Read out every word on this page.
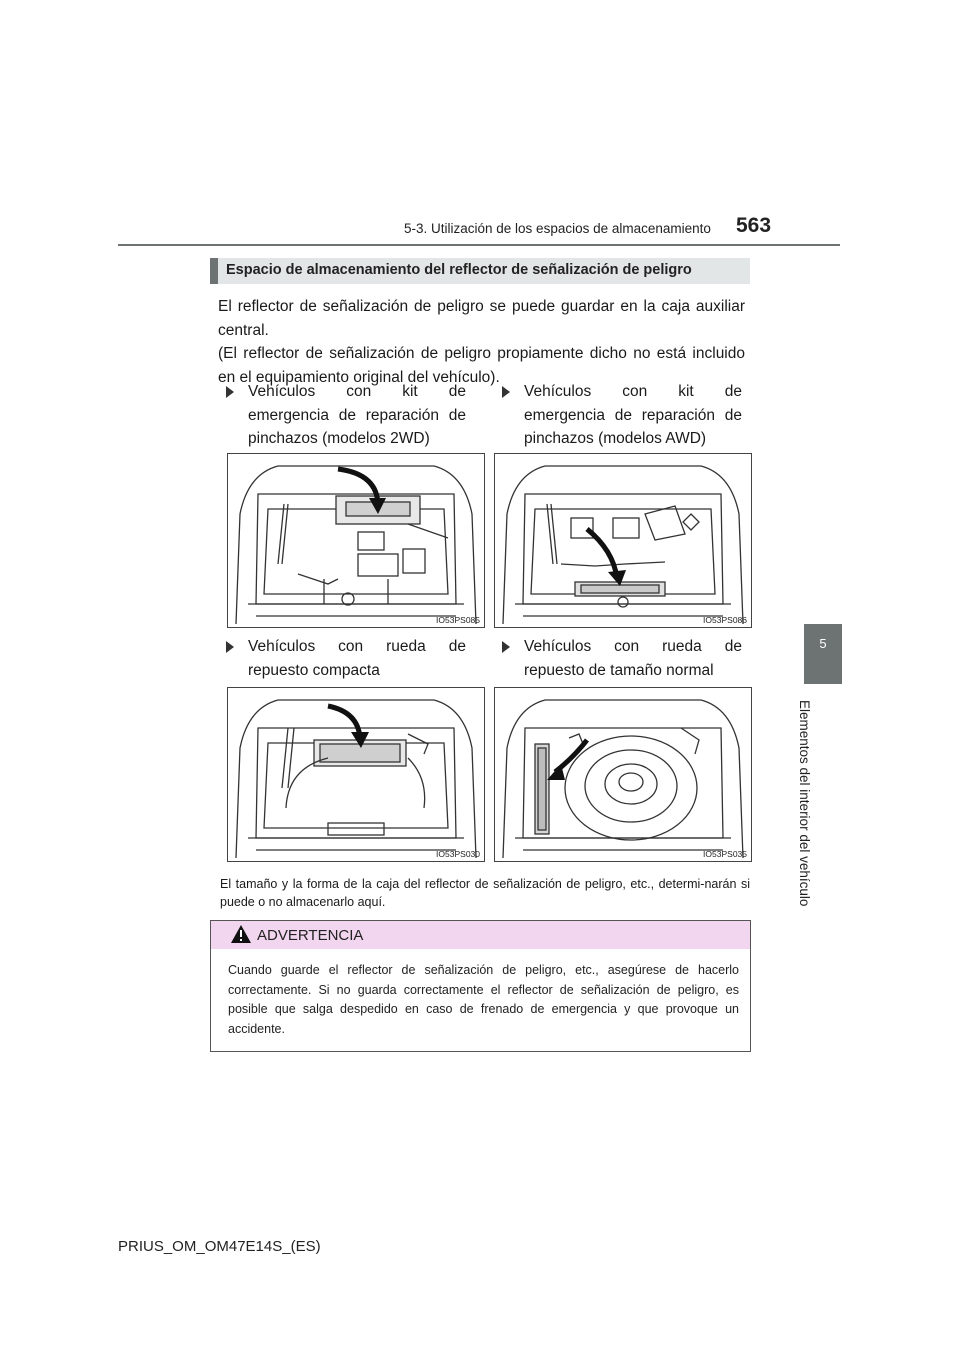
5-3. Utilización de los espacios de almacenamiento 563
5
Elementos del interior del vehículo
Espacio de almacenamiento del reflector de señalización de peligro

El reflector de señalización de peligro se puede guardar en la caja auxiliar central.

(El reflector de señalización de peligro propiamente dicho no está incluido en el equipamiento original del vehículo).

Vehículos con kit de emergencia de reparación de pinchazos (modelos 2WD)
Vehículos con kit de emergencia de reparación de pinchazos (modelos AWD)
Vehículos con rueda de repuesto compacta
Vehículos con rueda de repuesto de tamaño normal
IO53PS085	IO53PS086
IO53PS030	IO53PS035
El tamaño y la forma de la caja del reflector de señalización de peligro, etc., determi-narán si puede o no almacenarlo aquí.
ADVERTENCIA
Cuando guarde el reflector de señalización de peligro, etc., asegúrese de hacerlo correctamente. Si no guarda correctamente el reflector de señalización de peligro, es posible que salga despedido en caso de frenado de emergencia y que provoque un accidente.
PRIUS_OM_OM47E14S_(ES)
